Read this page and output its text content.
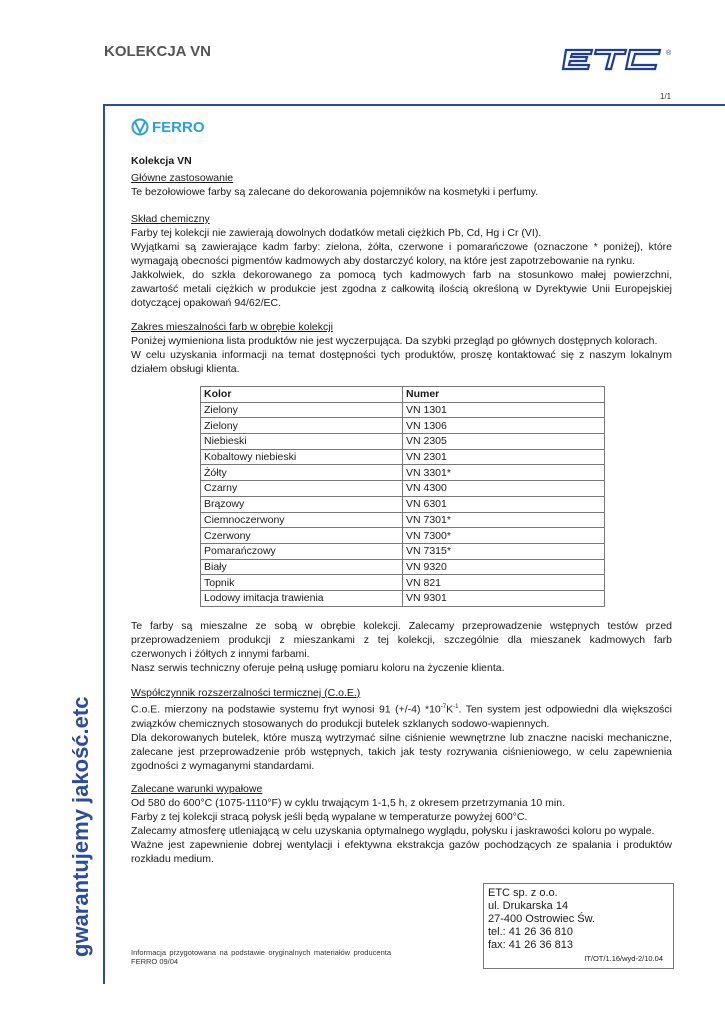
KOLEKCJA VN	®
1/1
FERRO
Kolekcja VN
Główne zastosowanie
Te bezołowiowe farby są zalecane do dekorowania pojemników na kosmetyki i perfumy.
Skład chemiczny
Farby tej kolekcji nie zawierają dowolnych dodatków metali ciężkich Pb, Cd, Hg i Cr (VI).
Wyjątkami są zawierające kadm farby: zielona, żółta, czerwone i pomarańczowe (oznaczone * poniżej), które
wymagają obecności pigmentów kadmowych aby dostarczyć kolory, na które jest zapotrzebowanie na rynku.
Jakkolwiek, do szkła dekorowanego za pomocą tych kadmowych farb na stosunkowo małej powierzchni,
zawartość metali ciężkich w produkcie jest zgodna z całkowitą ilością określoną w Dyrektywie Unii Europejskiej
dotyczącej opakowań 94/62/EC.
Zakres mieszalności farb w obrębie kolekcji
Poniżej wymieniona lista produktów nie jest wyczerpująca. Da szybki przegląd po głównych dostępnych kolorach.
W celu uzyskania informacji na temat dostępności tych produktów, proszę kontaktować się z naszym lokalnym
działem obsługi klienta.
Kolor	Numer
Zielony	VN 1301
Zielony	VN 1306
Niebieski	VN 2305
Kobaltowy niebieski	VN 2301
Żółty	VN 3301*
Czarny	VN 4300
Brązowy	VN 6301
Ciemnoczerwony	VN 7301*
Czerwony	VN 7300*
Pomarańczowy	VN 7315*
Biały	VN 9320
Topnik	VN 821
Lodowy imitacja trawienia	VN 9301
Te farby są mieszalne ze sobą w obrębie kolekcji. Zalecamy przeprowadzenie wstępnych testów przed
przeprowadzeniem produkcji z mieszankami z tej kolekcji, szczególnie dla mieszanek kadmowych farb
czerwonych i żółtych z innymi farbami.
Nasz serwis techniczny oferuje pełną usługę pomiaru koloru na życzenie klienta.
Współczynnik rozszerzalności termicznej (C.o.E.)
C.o.E. mierzony na podstawie systemu fryt wynosi 91 (+/-4) $*10^{-7}K^{-1}$. Ten system jest odpowiedni dla większości
związków chemicznych stosowanych do produkcji butelek szklanych sodowo-wapiennych.
Dla dekorowanych butelek, które muszą wytrzymać silne ciśnienie wewnętrzne lub znaczne naciski mechaniczne,
zalecane jest przeprowadzenie prób wstępnych, takich jak testy rozrywania ciśnieniowego, w celu zapewnienia
zgodności z wymaganymi standardami.
Zalecane warunki wypałowe
Od 580 do 600°C (1075-1110°F) w cyklu trwającym 1-1,5 h, z okresem przetrzymania 10 min.
Farby z tej kolekcji stracą połysk jeśli będą wypalane w temperaturze powyżej 600°C.
Zalecamy atmosferę utleniającą w celu uzyskania optymalnego wyglądu, połysku i jaskrawości koloru po wypale.
Ważne jest zapewnienie dobrej wentylacji i efektywna ekstrakcja gazów pochodzących ze spalania i produktów
rozkładu medium.
gwarantujemy jakość.etc	Informacja przygotowana na podstawie oryginalnych materiałów producenta FERRO 09/04
ETC sp. z o.o.
ul. Drukarska 14
27-400 Ostrowiec Św.
tel.: 41 26 36 810
fax: 41 26 36 813
IT/OT/1.16/wyd-2/10.04
